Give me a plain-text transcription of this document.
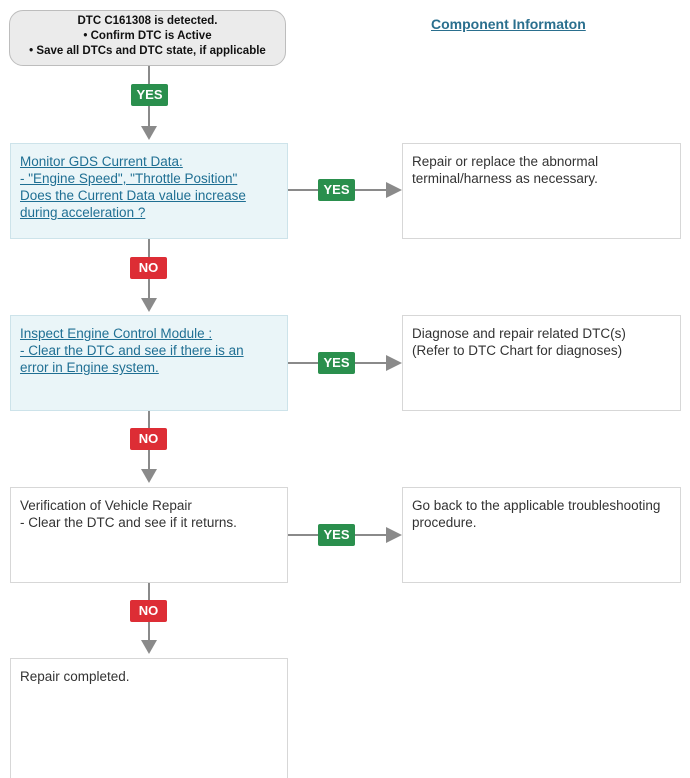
DTC C161308 is detected.
• Confirm DTC is Active
• Save all DTCs and DTC state, if applicable
Component Informaton
YES
Monitor GDS Current Data:
- "Engine Speed", "Throttle Position"
Does the Current Data value increase
during acceleration ?
YES
Repair or replace the abnormal
terminal/harness as necessary.
NO
Inspect Engine Control Module :
- Clear the DTC and see if there is an
error in Engine system.	YES
Diagnose and repair related DTC(s)
(Refer to DTC Chart for diagnoses)
NO
Verification of Vehicle Repair
- Clear the DTC and see if it returns.
YES
Go back to the applicable troubleshooting
procedure.
NO
Repair completed.
